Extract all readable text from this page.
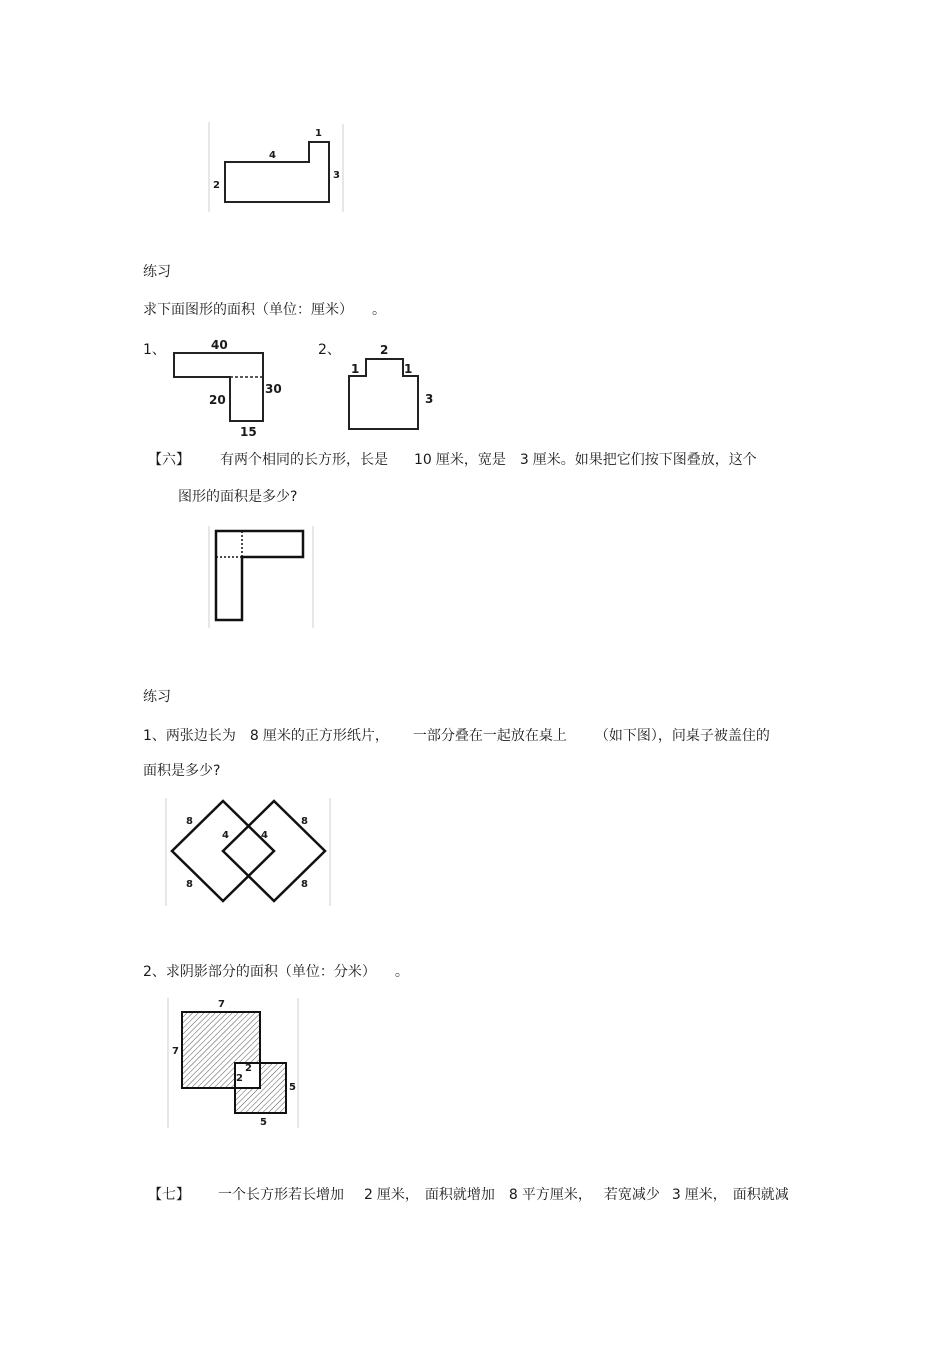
1
3
2
4
练习
求下面图形的面积（单位：厘米） 。
1、	40
30
20
15
2、	2
1	1
3
【六】 有两个相同的长方形，长是 10 厘米，宽是 3 厘米。如果把它们按下图叠放，这个
图形的面积是多少?
练习
1、两张边长为 8 厘米的正方形纸片， 一部分叠在一起放在桌上 （如下图），问桌子被盖住的
面积是多少?
8	8
8	8
4	4
2、求阴影部分的面积（单位：分米） 。
7
7
2
2
5
5
【七】 一个长方形若长增加 2 厘米， 面积就增加 8 平方厘米， 若宽减少 3 厘米， 面积就减
